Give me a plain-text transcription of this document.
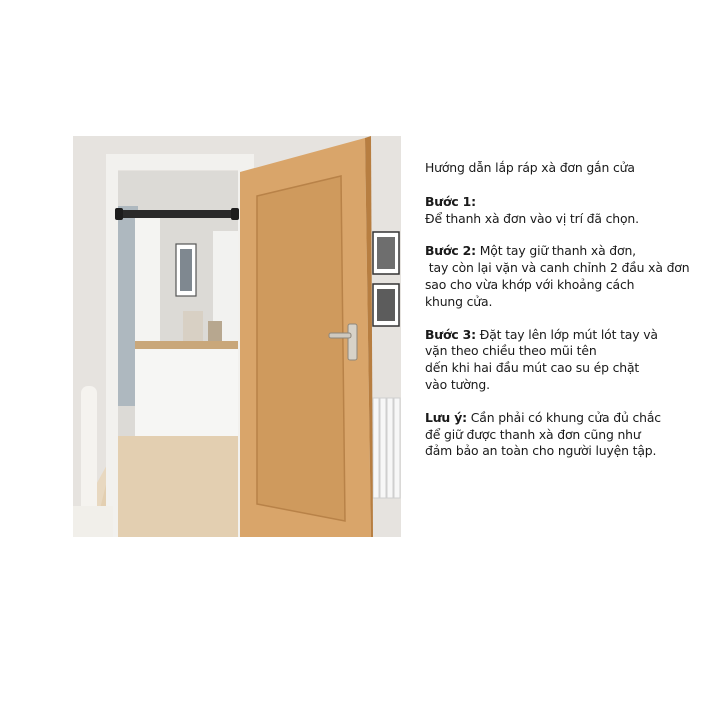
Hướng dẫn lắp ráp xà đơn gắn cửa
Bước 1:
Để thanh xà đơn vào vị trí đã chọn.
Bước 2: Một tay giữ thanh xà đơn,
tay còn lại vặn và canh chỉnh 2 đầu xà đơn
sao cho vừa khớp với khoảng cách
khung cửa.
Bước 3: Đặt tay lên lớp mút lót tay và
vặn theo chiều theo mũi tên
dến khi hai đầu mút cao su ép chặt
vào tường.
Lưu ý: Cần phải có khung cửa đủ chắc
để giữ được thanh xà đơn cũng như
đảm bảo an toàn cho người luyện tập.
